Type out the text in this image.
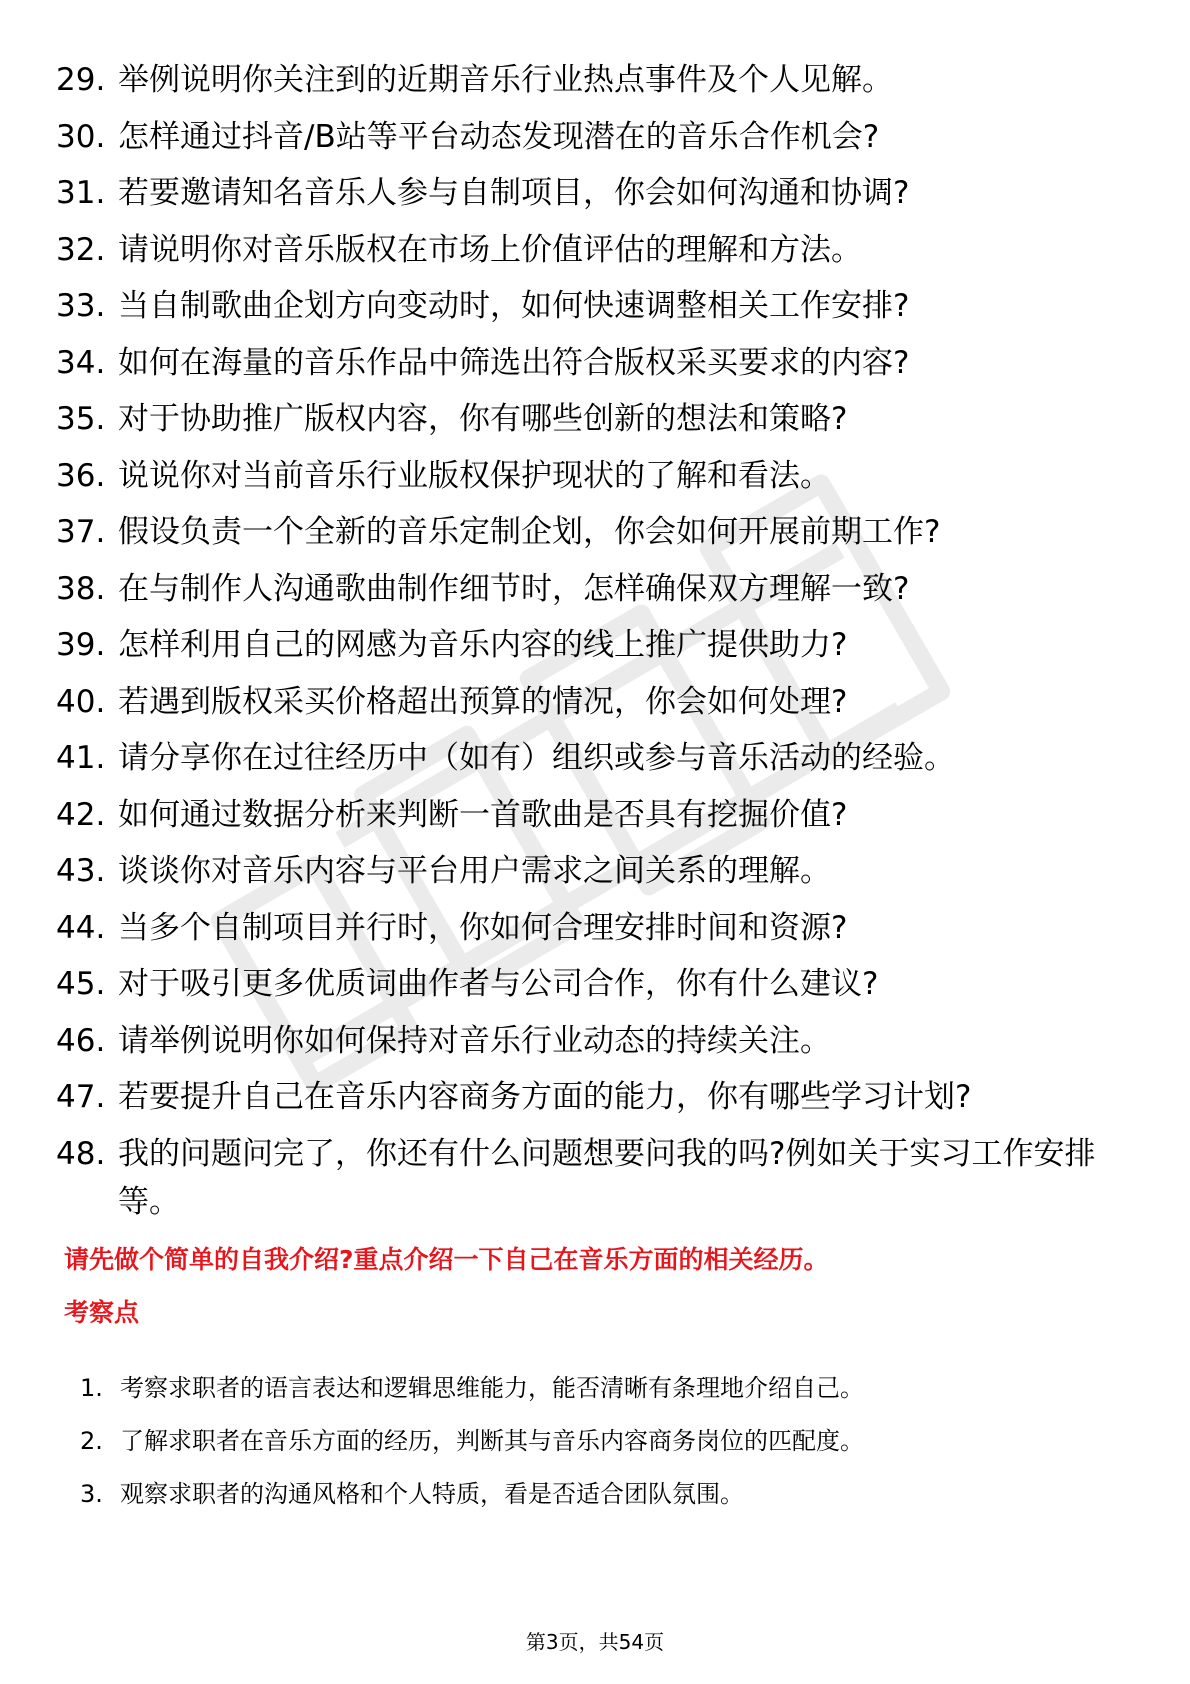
29. 举例说明你关注到的近期音乐行业热点事件及个人见解。
30. 怎样通过抖音/B站等平台动态发现潜在的音乐合作机会?
31. 若要邀请知名音乐人参与自制项目，你会如何沟通和协调?
32. 请说明你对音乐版权在市场上价值评估的理解和方法。
33. 当自制歌曲企划方向变动时，如何快速调整相关工作安排?
34. 如何在海量的音乐作品中筛选出符合版权采买要求的内容?
35. 对于协助推广版权内容，你有哪些创新的想法和策略?
36. 说说你对当前音乐行业版权保护现状的了解和看法。
37. 假设负责一个全新的音乐定制企划，你会如何开展前期工作?
38. 在与制作人沟通歌曲制作细节时，怎样确保双方理解一致?
39. 怎样利用自己的网感为音乐内容的线上推广提供助力?
40. 若遇到版权采买价格超出预算的情况，你会如何处理?
41. 请分享你在过往经历中（如有）组织或参与音乐活动的经验。
42. 如何通过数据分析来判断一首歌曲是否具有挖掘价值?
43. 谈谈你对音乐内容与平台用户需求之间关系的理解。
44. 当多个自制项目并行时，你如何合理安排时间和资源?
45. 对于吸引更多优质词曲作者与公司合作，你有什么建议?
46. 请举例说明你如何保持对音乐行业动态的持续关注。
47. 若要提升自己在音乐内容商务方面的能力，你有哪些学习计划?
48. 我的问题问完了，你还有什么问题想要问我的吗?例如关于实习工作安排等。
请先做个简单的自我介绍?重点介绍一下自己在音乐方面的相关经历。
考察点
1. 考察求职者的语言表达和逻辑思维能力，能否清晰有条理地介绍自己。
2. 了解求职者在音乐方面的经历，判断其与音乐内容商务岗位的匹配度。
3. 观察求职者的沟通风格和个人特质，看是否适合团队氛围。
第3页，共54页
